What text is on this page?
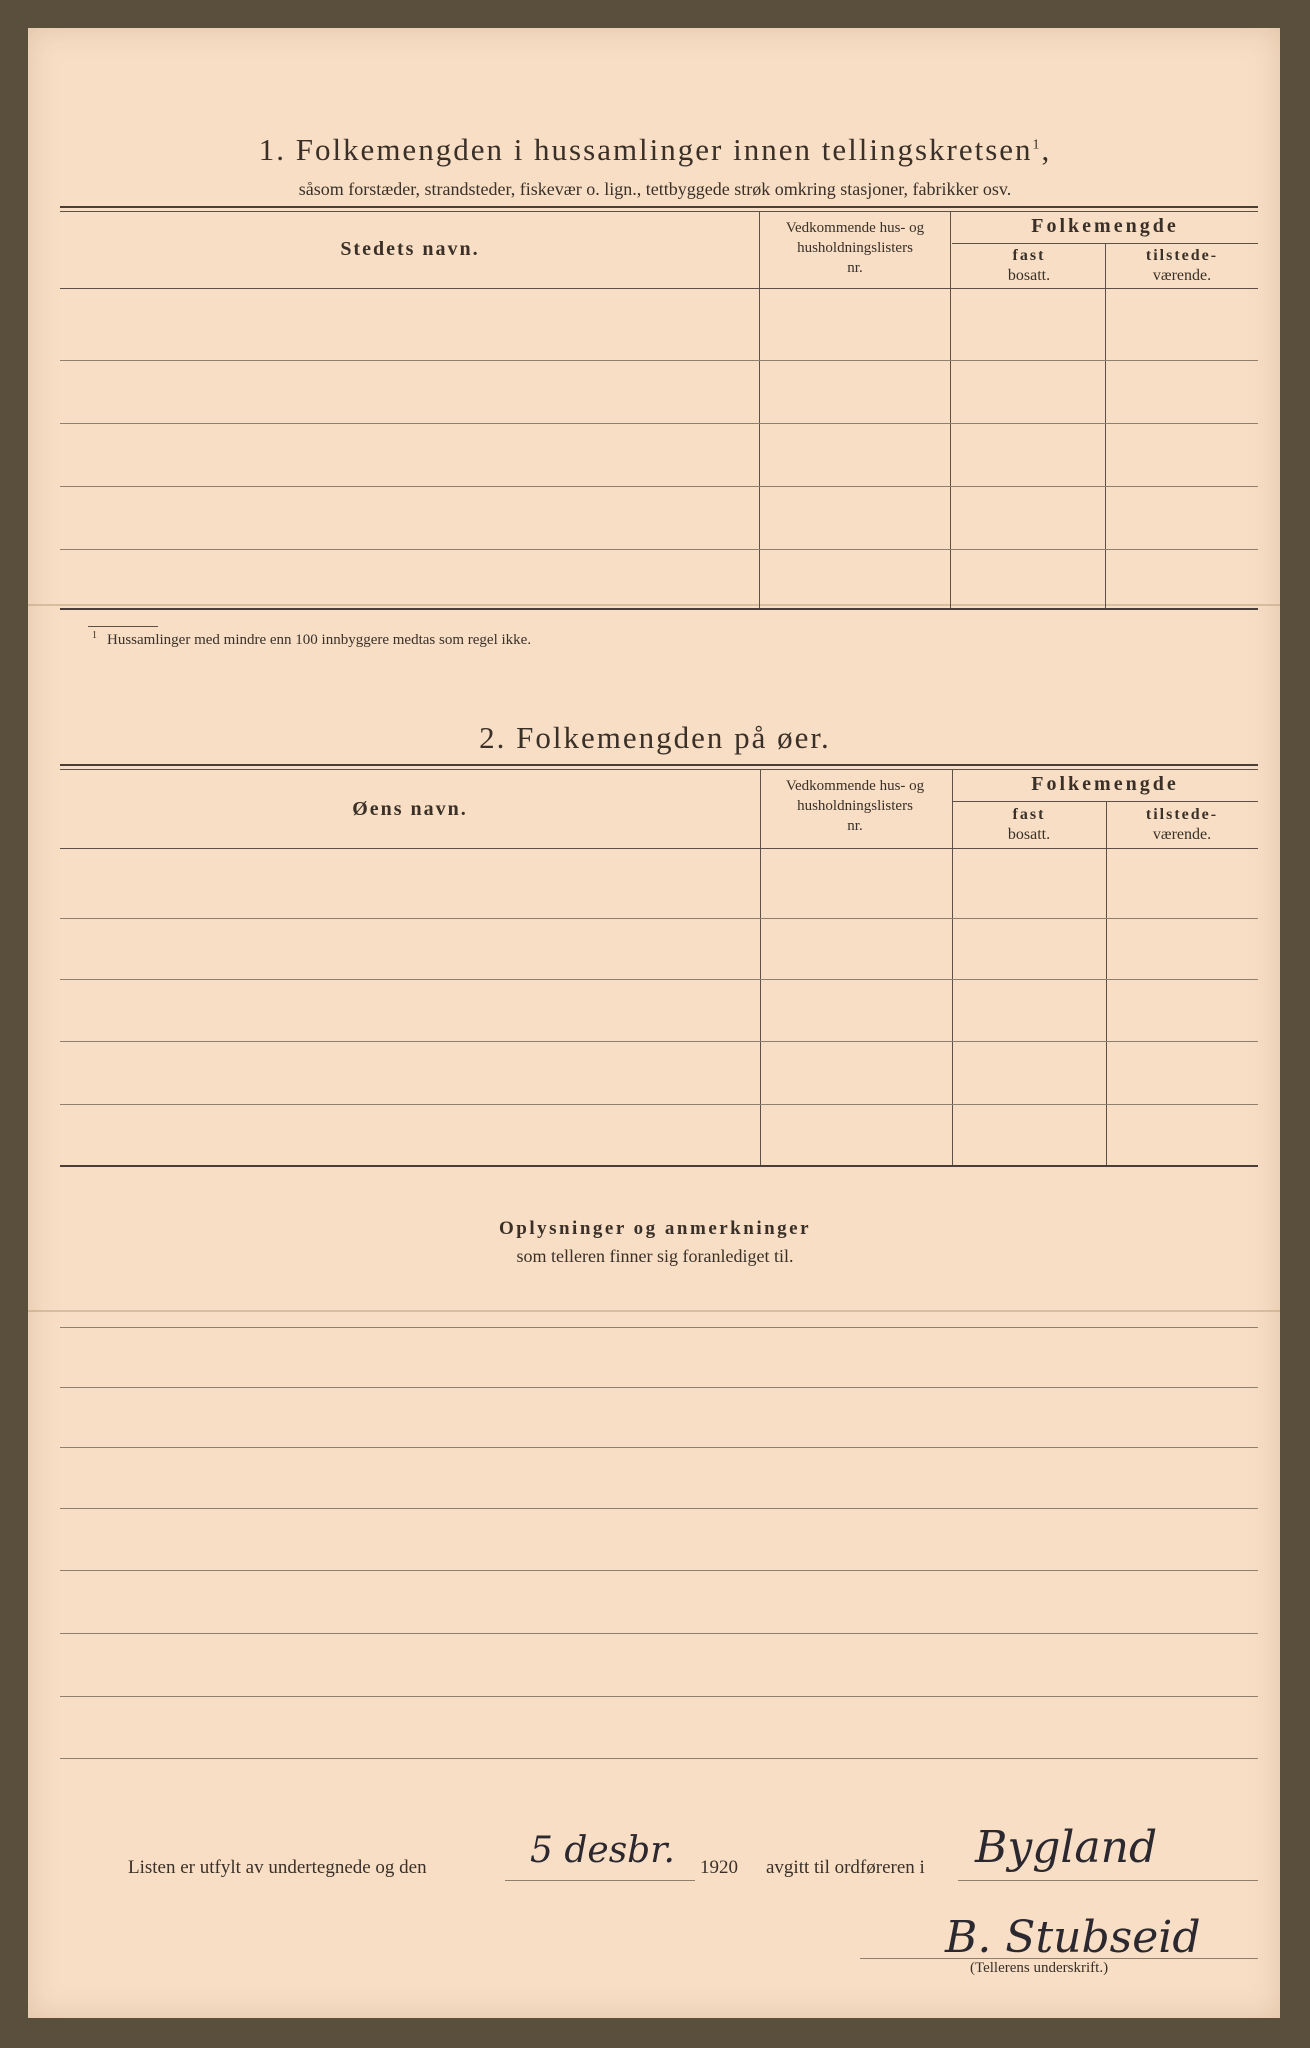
1. Folkemengden i hussamlinger innen tellingskretsen$^1$,
såsom forstæder, strandsteder, fiskevær o. lign., tettbyggede strøk omkring stasjoner, fabrikker osv.
Stedets navn.
Vedkommende hus- og
husholdningslisters
nr.
Folkemengde
fast
bosatt.
tilstede-
værende.
$^1$ Hussamlinger med mindre enn 100 innbyggere medtas som regel ikke.
2. Folkemengden på øer.
Øens navn.
Vedkommende hus- og
husholdningslisters
nr.
Folkemengde
fast
bosatt.
tilstede-
værende.
Oplysninger og anmerkninger
som telleren finner sig foranlediget til.
Listen er utfylt av undertegnede og den	5 desbr. 1920 avgitt til ordføreren i Bygland
B. Stubseid
(Tellerens underskrift.)
